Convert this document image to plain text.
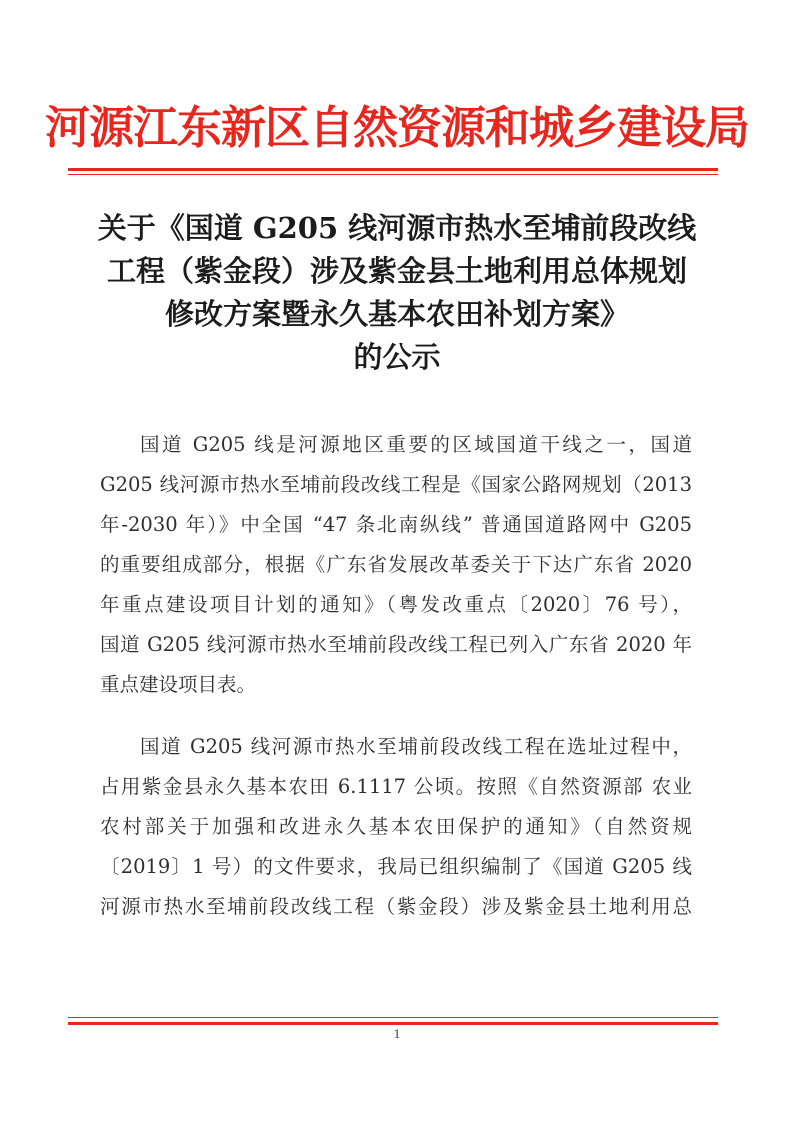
河源江东新区自然资源和城乡建设局
关于《国道 G205 线河源市热水至埔前段改线
工程（紫金段）涉及紫金县土地利用总体规划
修改方案暨永久基本农田补划方案》
的公示
国道 G205 线是河源地区重要的区域国道干线之一，国道
G205 线河源市热水至埔前段改线工程是《国家公路网规划（2013
年-2030 年）》中全国 “47 条北南纵线” 普通国道路网中 G205
的重要组成部分，根据《广东省发展改革委关于下达广东省 2020
年重点建设项目计划的通知》（粤发改重点〔2020〕76 号），
国道 G205 线河源市热水至埔前段改线工程已列入广东省 2020 年
重点建设项目表。
国道 G205 线河源市热水至埔前段改线工程在选址过程中，
占用紫金县永久基本农田 6.1117 公顷。按照《自然资源部 农业
农村部关于加强和改进永久基本农田保护的通知》（自然资规
〔2019〕1 号）的文件要求，我局已组织编制了《国道 G205 线
河源市热水至埔前段改线工程（紫金段）涉及紫金县土地利用总
1
